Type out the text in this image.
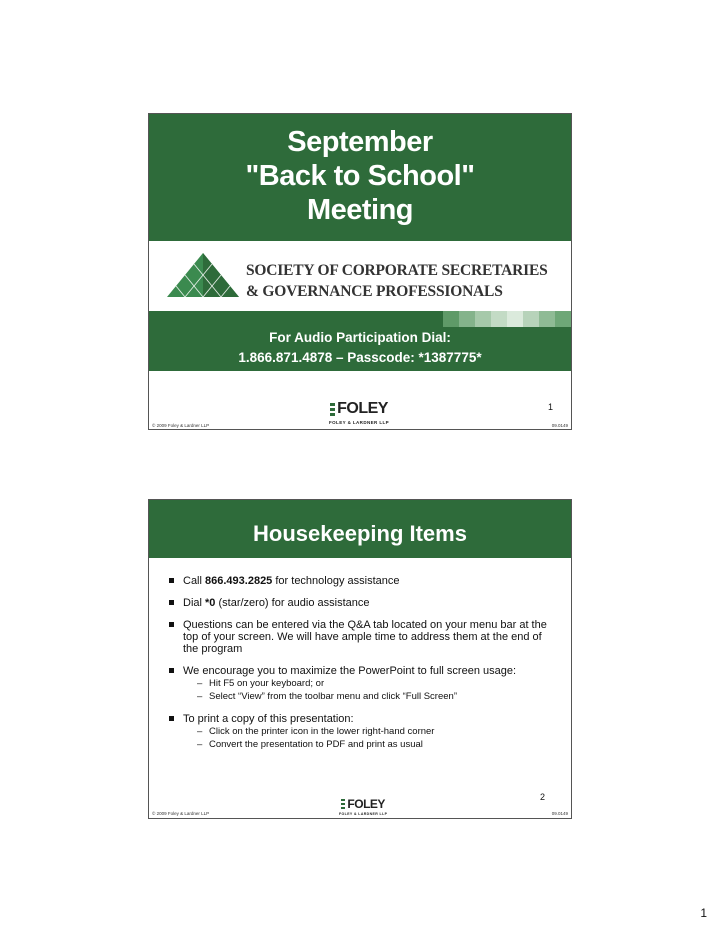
September
"Back to School"
Meeting
SOCIETY OF CORPORATE SECRETARIES
& GOVERNANCE PROFESSIONALS
For Audio Participation Dial:
1.866.871.4878 – Passcode: *1387775*
1
FOLEY
FOLEY & LARDNER LLP
© 2009 Foley & Lardner LLP	09.0149
Housekeeping Items
Call 866.493.2825 for technology assistance
Dial *0 (star/zero) for audio assistance
Questions can be entered via the Q&A tab located on your menu bar at the top of your screen. We will have ample time to address them at the end of the program
We encourage you to maximize the PowerPoint to full screen usage:
– Hit F5 on your keyboard; or
– Select “View” from the toolbar menu and click “Full Screen”
To print a copy of this presentation:
– Click on the printer icon in the lower right-hand corner
– Convert the presentation to PDF and print as usual
2
FOLEY
FOLEY & LARDNER LLP
© 2009 Foley & Lardner LLP	09.0149
1
